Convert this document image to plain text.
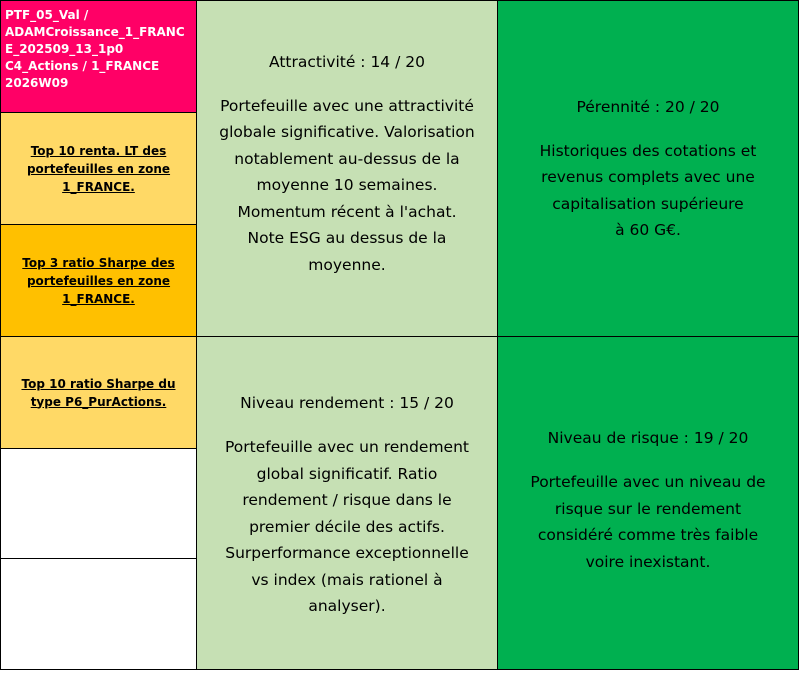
PTF_05_Val /
ADAMCroissance_1_FRANC
E_202509_13_1p0
C4_Actions / 1_FRANCE
2026W09
Top 10 renta. LT des
portefeuilles en zone
1_FRANCE.
Top 3 ratio Sharpe des
portefeuilles en zone
1_FRANCE.
Top 10 ratio Sharpe du
type P6_PurActions.
Attractivité : 14 / 20
Portefeuille avec une attractivité
globale significative. Valorisation
notablement au-dessus de la
moyenne 10 semaines.
Momentum récent à l'achat.
Note ESG au dessus de la
moyenne.
Pérennité : 20 / 20
Historiques des cotations et
revenus complets avec une
capitalisation supérieure
à 60 G€.
Niveau rendement : 15 / 20
Portefeuille avec un rendement
global significatif. Ratio
rendement / risque dans le
premier décile des actifs.
Surperformance exceptionnelle
vs index (mais rationel à
analyser).
Niveau de risque : 19 / 20
Portefeuille avec un niveau de
risque sur le rendement
considéré comme très faible
voire inexistant.
